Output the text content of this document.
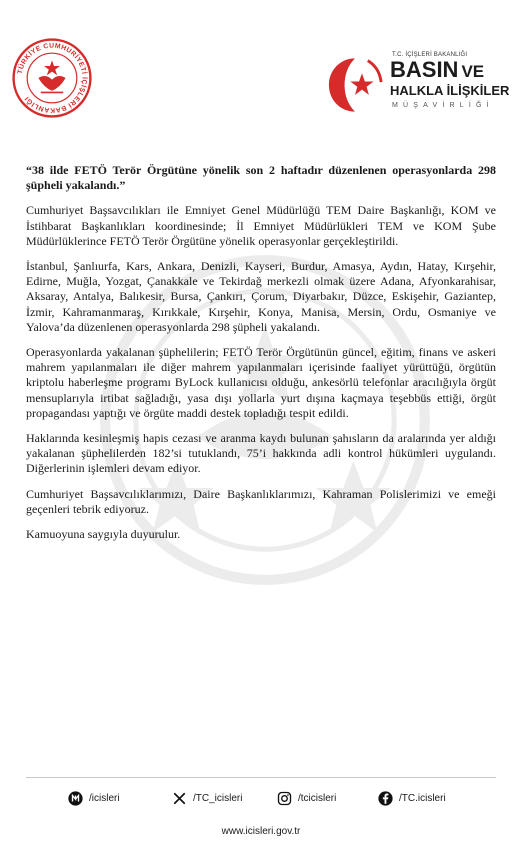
TÜRKİYE CUMHURİYETİ İÇİŞLERİ BAKANLIĞI
T.C. İÇİŞLERİ BAKANLIĞI
BASIN VE
HALKLA İLİŞKİLER
MÜŞAVİRLİĞİ

“38 ilde FETÖ Terör Örgütüne yönelik son 2 haftadır düzenlenen operasyonlarda 298 şüpheli yakalandı.”

Cumhuriyet Başsavcılıkları ile Emniyet Genel Müdürlüğü TEM Daire Başkanlığı, KOM ve İstihbarat Başkanlıkları koordinesinde; İl Emniyet Müdürlükleri TEM ve KOM Şube Müdürlüklerince FETÖ Terör Örgütüne yönelik operasyonlar gerçekleştirildi.

İstanbul, Şanlıurfa, Kars, Ankara, Denizli, Kayseri, Burdur, Amasya, Aydın, Hatay, Kırşehir, Edirne, Muğla, Yozgat, Çanakkale ve Tekirdağ merkezli olmak üzere Adana, Afyonkarahisar, Aksaray, Antalya, Balıkesir, Bursa, Çankırı, Çorum, Diyarbakır, Düzce, Eskişehir, Gaziantep, İzmir, Kahramanmaraş, Kırıkkale, Kırşehir, Konya, Manisa, Mersin, Ordu, Osmaniye ve Yalova’da düzenlenen operasyonlarda 298 şüpheli yakalandı.

Operasyonlarda yakalanan şüphelilerin; FETÖ Terör Örgütünün güncel, eğitim, finans ve askeri mahrem yapılanmaları ile diğer mahrem yapılanmaları içerisinde faaliyet yürüttüğü, örgütün kriptolu haberleşme programı ByLock kullanıcısı olduğu, ankesörlü telefonlar aracılığıyla örgüt mensuplarıyla irtibat sağladığı, yasa dışı yollarla yurt dışına kaçmaya teşebbüs ettiği, örgüt propagandası yaptığı ve örgüte maddi destek topladığı tespit edildi.

Haklarında kesinleşmiş hapis cezası ve aranma kaydı bulunan şahısların da aralarında yer aldığı yakalanan şüphelilerden 182’si tutuklandı, 75’i hakkında adli kontrol hükümleri uygulandı. Diğerlerinin işlemleri devam ediyor.

Cumhuriyet Başsavcılıklarımızı, Daire Başkanlıklarımızı, Kahraman Polislerimizi ve emeği geçenleri tebrik ediyoruz.

Kamuoyuna saygıyla duyurulur.

/icisleri	/TC_icisleri	/tcicisleri	/TC.icisleri
www.icisleri.gov.tr
